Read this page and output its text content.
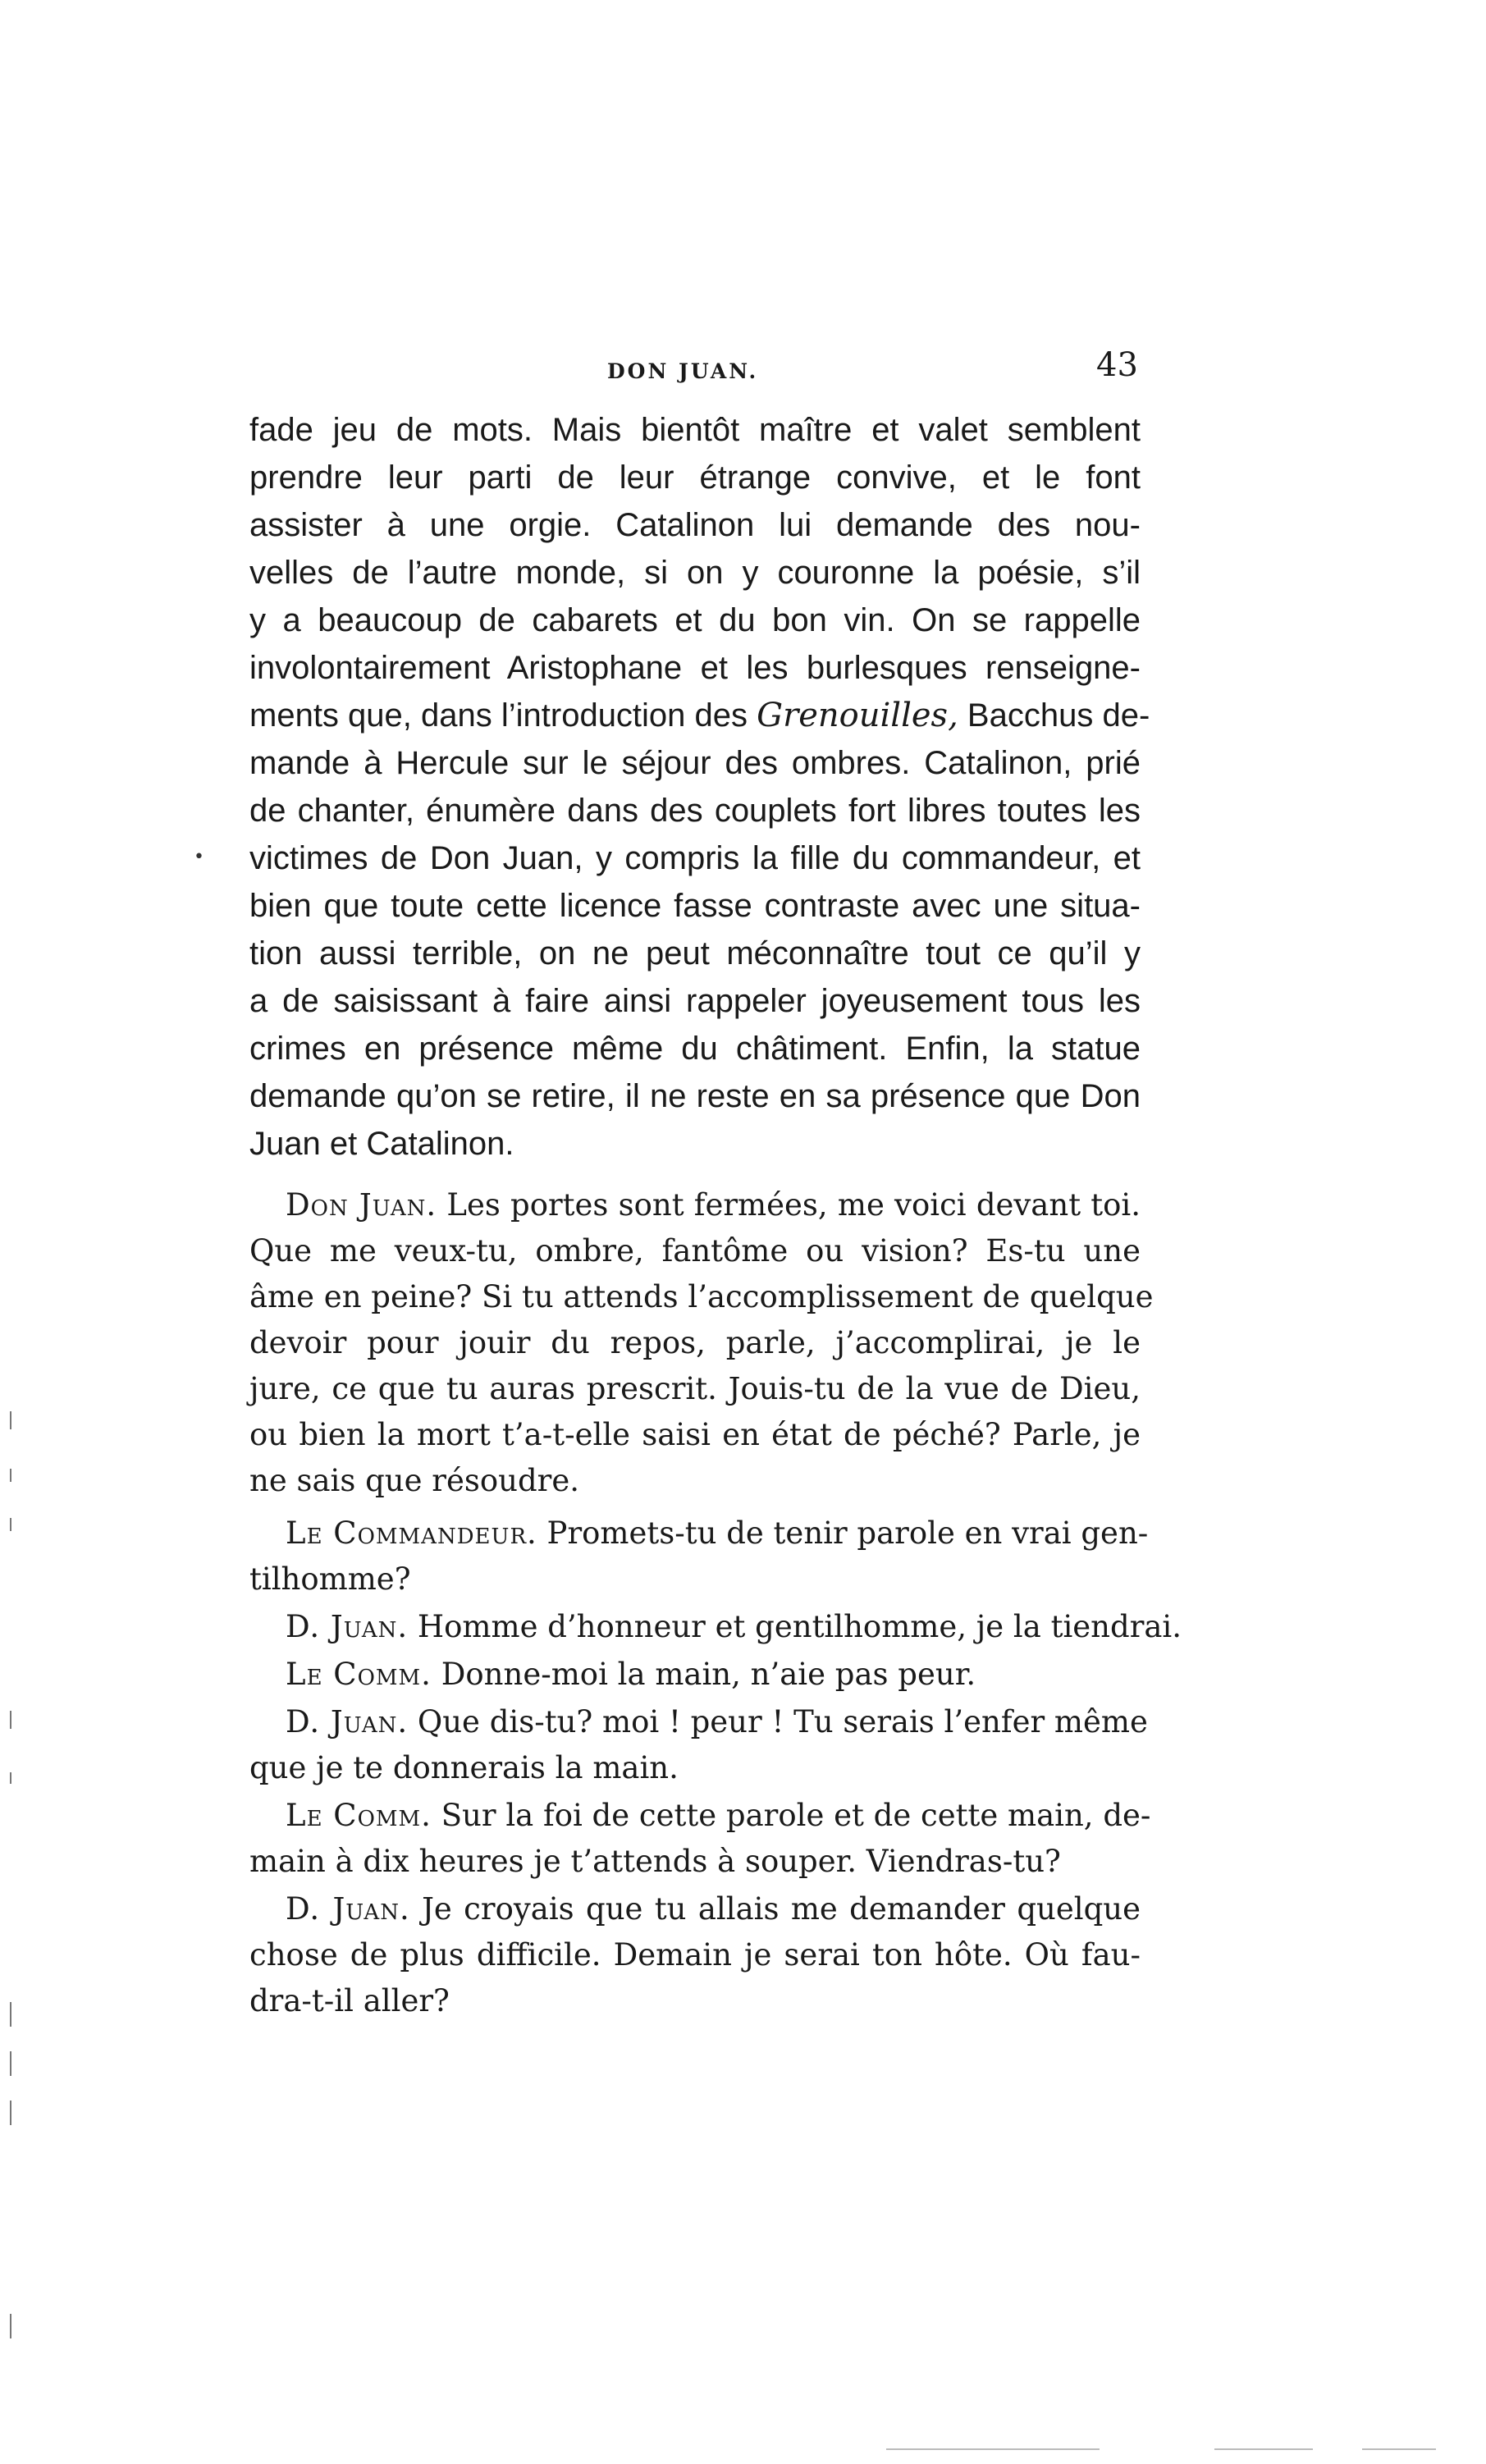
DON JUAN.	43
•
fade jeu de mots. Mais bientôt maître et valet semblent
prendre leur parti de leur étrange convive, et le font
assister à une orgie. Catalinon lui demande des nou-
velles de l’autre monde, si on y couronne la poésie, s’il
y a beaucoup de cabarets et du bon vin. On se rappelle
involontairement Aristophane et les burlesques renseigne-
ments que, dans l’introduction des Grenouilles, Bacchus de-
mande à Hercule sur le séjour des ombres. Catalinon, prié
de chanter, énumère dans des couplets fort libres toutes les
victimes de Don Juan, y compris la fille du commandeur, et
bien que toute cette licence fasse contraste avec une situa-
tion aussi terrible, on ne peut méconnaître tout ce qu’il y
a de saisissant à faire ainsi rappeler joyeusement tous les
crimes en présence même du châtiment. Enfin, la statue
demande qu’on se retire, il ne reste en sa présence que Don
Juan et Catalinon.
Don Juan. Les portes sont fermées, me voici devant toi.
Que me veux-tu, ombre, fantôme ou vision? Es-tu une
âme en peine? Si tu attends l’accomplissement de quelque
devoir pour jouir du repos, parle, j’accomplirai, je le
jure, ce que tu auras prescrit. Jouis-tu de la vue de Dieu,
ou bien la mort t’a-t-elle saisi en état de péché? Parle, je
ne sais que résoudre.
Le Commandeur. Promets-tu de tenir parole en vrai gen-
tilhomme?
D. Juan. Homme d’honneur et gentilhomme, je la tiendrai.
Le Comm. Donne-moi la main, n’aie pas peur.
D. Juan. Que dis-tu? moi ! peur ! Tu serais l’enfer même
que je te donnerais la main.
Le Comm. Sur la foi de cette parole et de cette main, de-
main à dix heures je t’attends à souper. Viendras-tu?
D. Juan. Je croyais que tu allais me demander quelque
chose de plus difficile. Demain je serai ton hôte. Où fau-
dra-t-il aller?
